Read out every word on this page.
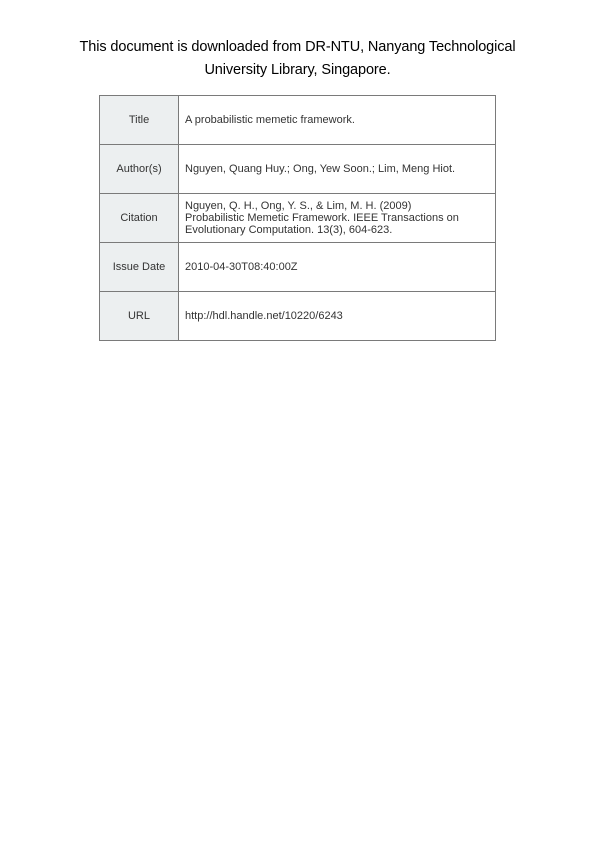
This document is downloaded from DR-NTU, Nanyang Technological
University Library, Singapore.
Title	A probabilistic memetic framework.

Author(s)	Nguyen, Quang Huy.; Ong, Yew Soon.; Lim, Meng Hiot.

Citation	Nguyen, Q. H., Ong, Y. S., & Lim, M. H. (2009)
Probabilistic Memetic Framework. IEEE Transactions on
Evolutionary Computation. 13(3), 604-623.

Issue Date	2010-04-30T08:40:00Z

URL	http://hdl.handle.net/10220/6243
